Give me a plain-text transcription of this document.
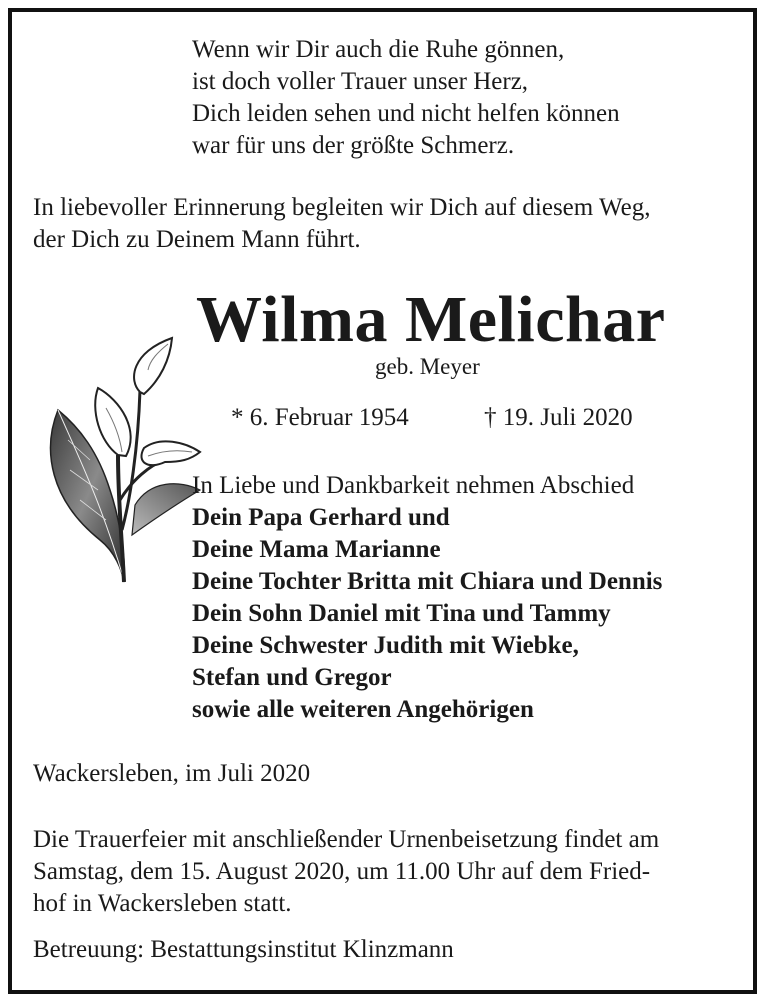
Wenn wir Dir auch die Ruhe gönnen,
ist doch voller Trauer unser Herz,
Dich leiden sehen und nicht helfen können
war für uns der größte Schmerz.
In liebevoller Erinnerung begleiten wir Dich auf diesem Weg,
der Dich zu Deinem Mann führt.
Wilma Melichar
geb. Meyer
* 6. Februar 1954	† 19. Juli 2020
In Liebe und Dankbarkeit nehmen Abschied
Dein Papa Gerhard und
Deine Mama Marianne
Deine Tochter Britta mit Chiara und Dennis
Dein Sohn Daniel mit Tina und Tammy
Deine Schwester Judith mit Wiebke,
Stefan und Gregor
sowie alle weiteren Angehörigen
Wackersleben, im Juli 2020
Die Trauerfeier mit anschließender Urnenbeisetzung findet am
Samstag, dem 15. August 2020, um 11.00 Uhr auf dem Fried-
hof in Wackersleben statt.
Betreuung: Bestattungsinstitut Klinzmann
